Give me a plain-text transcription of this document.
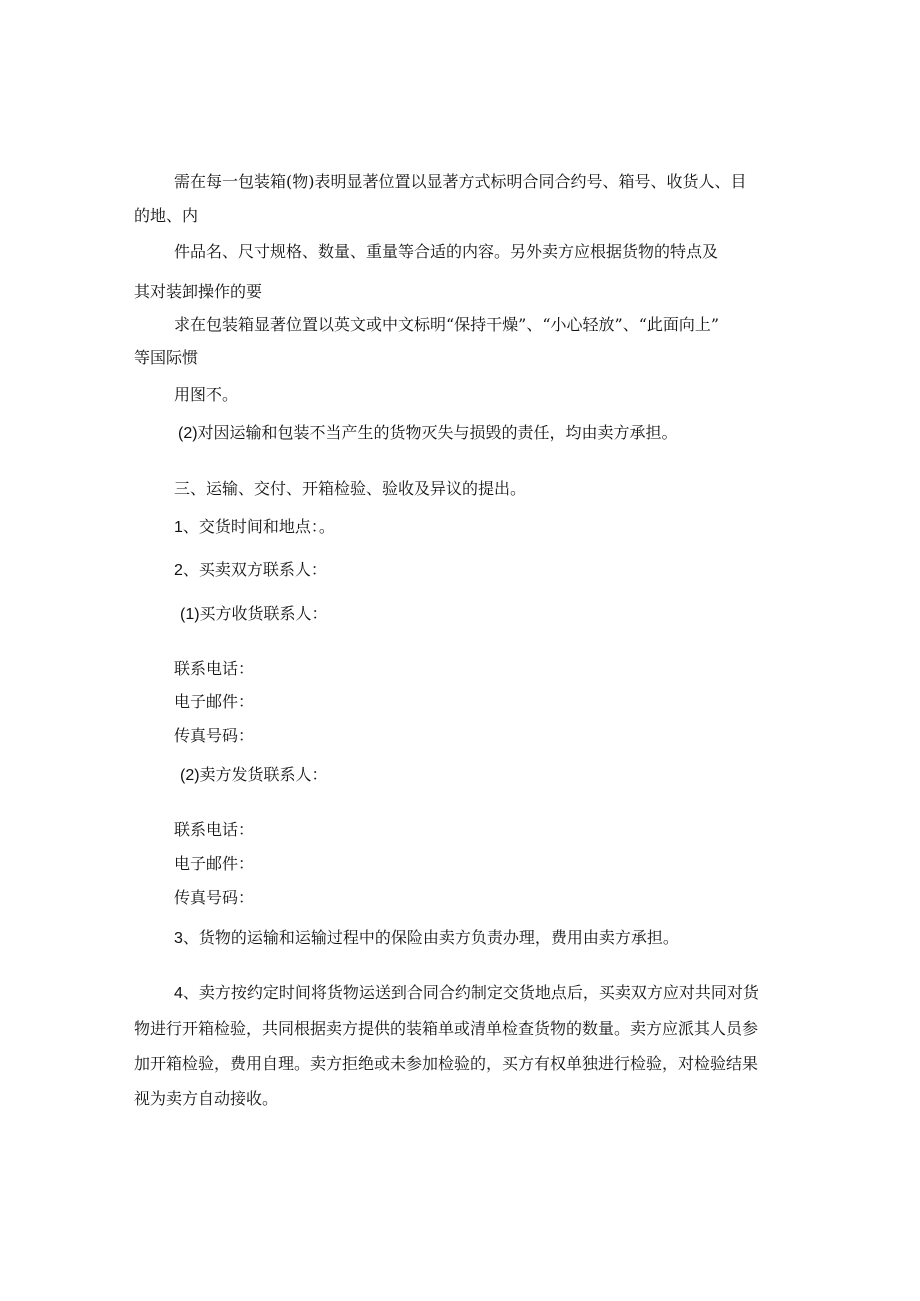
需在每一包装箱(物)表明显著位置以显著方式标明合同合约号、箱号、收货人、目

的地、内

件品名、尺寸规格、数量、重量等合适的内容。另外卖方应根据货物的特点及

其对装卸操作的要

求在包装箱显著位置以英文或中文标明“保持干燥”、“小心轻放”、“此面向上”

等国际惯

用图不。

(2)对因运输和包装不当产生的货物灭失与损毁的责任，均由卖方承担。

三、运输、交付、开箱检验、验收及异议的提出。

1、交货时间和地点：。

2、买卖双方联系人：

(1)买方收货联系人：

联系电话：

电子邮件：

传真号码：

(2)卖方发货联系人：

联系电话：

电子邮件：

传真号码：

3、货物的运输和运输过程中的保险由卖方负责办理，费用由卖方承担。

4、卖方按约定时间将货物运送到合同合约制定交货地点后，买卖双方应对共同对货

物进行开箱检验，共同根据卖方提供的装箱单或清单检查货物的数量。卖方应派其人员参

加开箱检验，费用自理。卖方拒绝或未参加检验的，买方有权单独进行检验，对检验结果

视为卖方自动接收。
